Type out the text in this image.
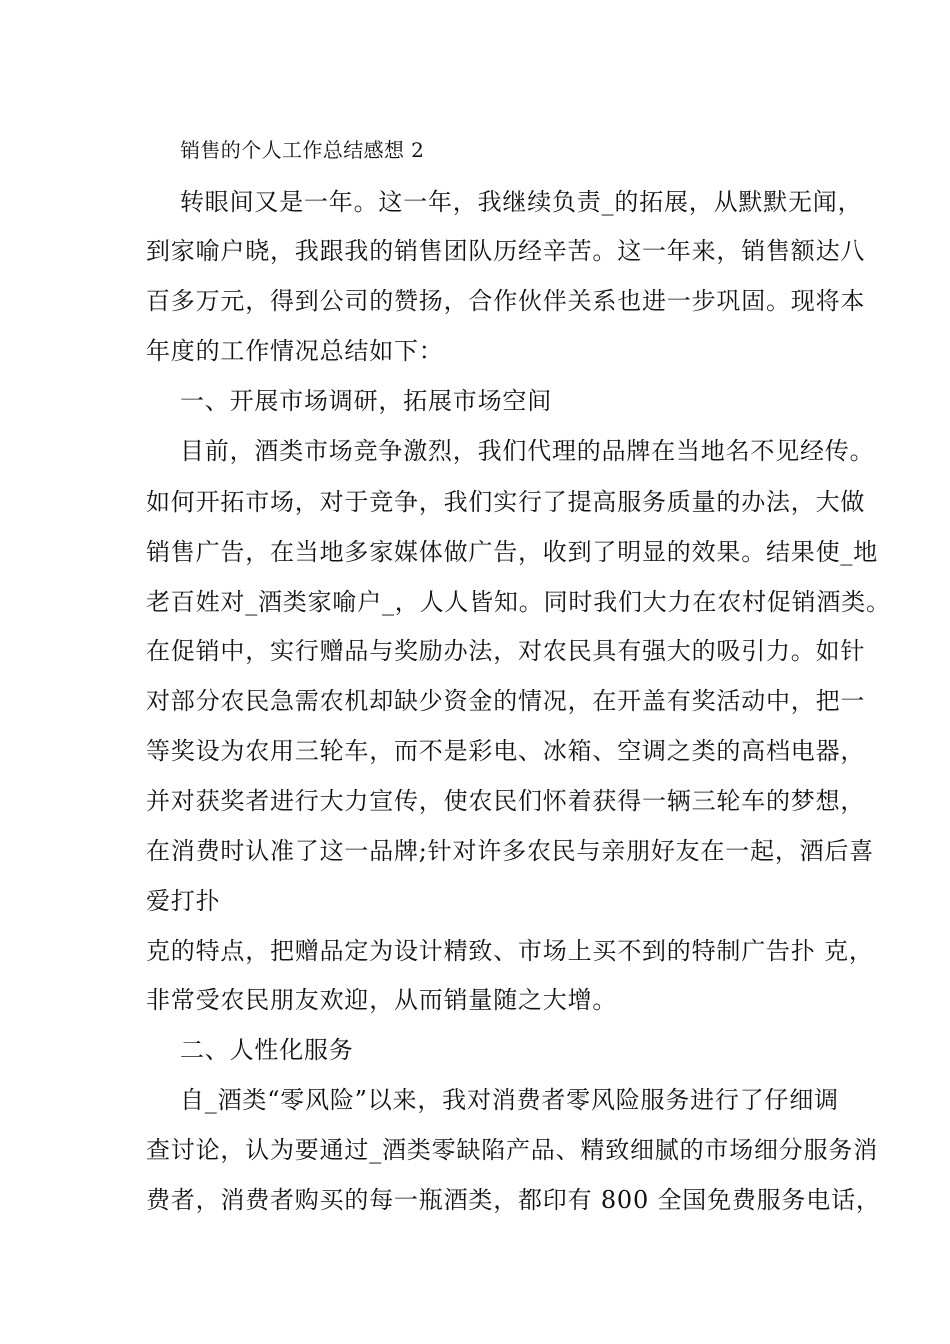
销售的个人工作总结感想 2
转眼间又是一年。这一年，我继续负责_的拓展，从默默无闻，
到家喻户晓，我跟我的销售团队历经辛苦。这一年来，销售额达八
百多万元，得到公司的赞扬，合作伙伴关系也进一步巩固。现将本
年度的工作情况总结如下：
一、开展市场调研，拓展市场空间
目前，酒类市场竞争激烈，我们代理的品牌在当地名不见经传。
如何开拓市场，对于竞争，我们实行了提高服务质量的办法，大做
销售广告，在当地多家媒体做广告，收到了明显的效果。结果使_地
老百姓对_酒类家喻户_，人人皆知。同时我们大力在农村促销酒类。
在促销中，实行赠品与奖励办法，对农民具有强大的吸引力。如针
对部分农民急需农机却缺少资金的情况，在开盖有奖活动中，把一
等奖设为农用三轮车，而不是彩电、冰箱、空调之类的高档电器，
并对获奖者进行大力宣传，使农民们怀着获得一辆三轮车的梦想，
在消费时认准了这一品牌;针对许多农民与亲朋好友在一起，酒后喜
爱打扑
克的特点，把赠品定为设计精致、市场上买不到的特制广告扑 克，
非常受农民朋友欢迎，从而销量随之大增。
二、人性化服务
自_酒类“零风险”以来，我对消费者零风险服务进行了仔细调
查讨论，认为要通过_酒类零缺陷产品、精致细腻的市场细分服务消
费者，消费者购买的每一瓶酒类，都印有 800 全国免费服务电话，
